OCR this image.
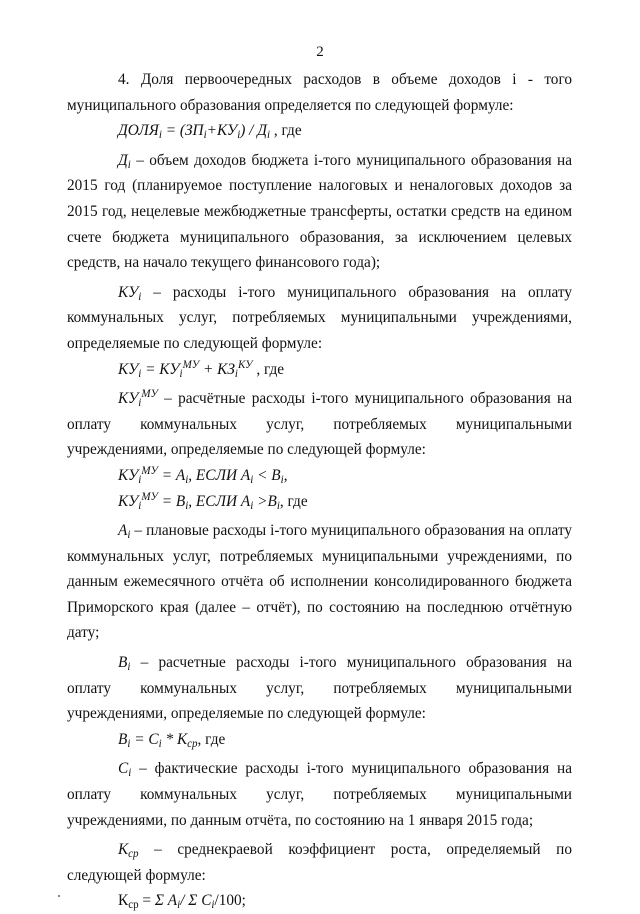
2

4. Доля первоочередных расходов в объеме доходов i - того муниципального образования определяется по следующей формуле:

$ДОЛЯ_i = (ЗП_i+КУ_i) / Д_i$ , где

$Д_i$ – объем доходов бюджета i-того муниципального образования на 2015 год (планируемое поступление налоговых и неналоговых доходов за 2015 год, нецелевые межбюджетные трансферты, остатки средств на едином счете бюджета муниципального образования, за исключением целевых средств, на начало текущего финансового года);

$КУ_i$ – расходы i-того муниципального образования на оплату коммунальных услуг, потребляемых муниципальными учреждениями, определяемые по следующей формуле:

$КУ_i = КУ_i^{МУ} + КЗ_i^{КУ}$ , где

$КУ_i^{МУ}$ – расчётные расходы i-того муниципального образования на оплату коммунальных услуг, потребляемых муниципальными учреждениями, определяемые по следующей формуле:

$КУ_i^{МУ} = А_i$, ЕСЛИ $А_i < В_i$,

$КУ_i^{МУ} = В_i$, ЕСЛИ $А_i >В_i$, где

$А_i$ – плановые расходы i-того муниципального образования на оплату коммунальных услуг, потребляемых муниципальными учреждениями, по данным ежемесячного отчёта об исполнении консолидированного бюджета Приморского края (далее – отчёт), по состоянию на последнюю отчётную дату;

$В_i$ – расчетные расходы i-того муниципального образования на оплату коммунальных услуг, потребляемых муниципальными учреждениями, определяемые по следующей формуле:

$В_i = С_i * К_{ср}$, где

$С_i$ – фактические расходы i-того муниципального образования на оплату коммунальных услуг, потребляемых муниципальными учреждениями, по данным отчёта, по состоянию на 1 января 2015 года;

$К_{ср}$ – среднекраевой коэффициент роста, определяемый по следующей формуле:

$К_{ср} = \Sigma$ $А_i/$ Σ $С_i/100$;
